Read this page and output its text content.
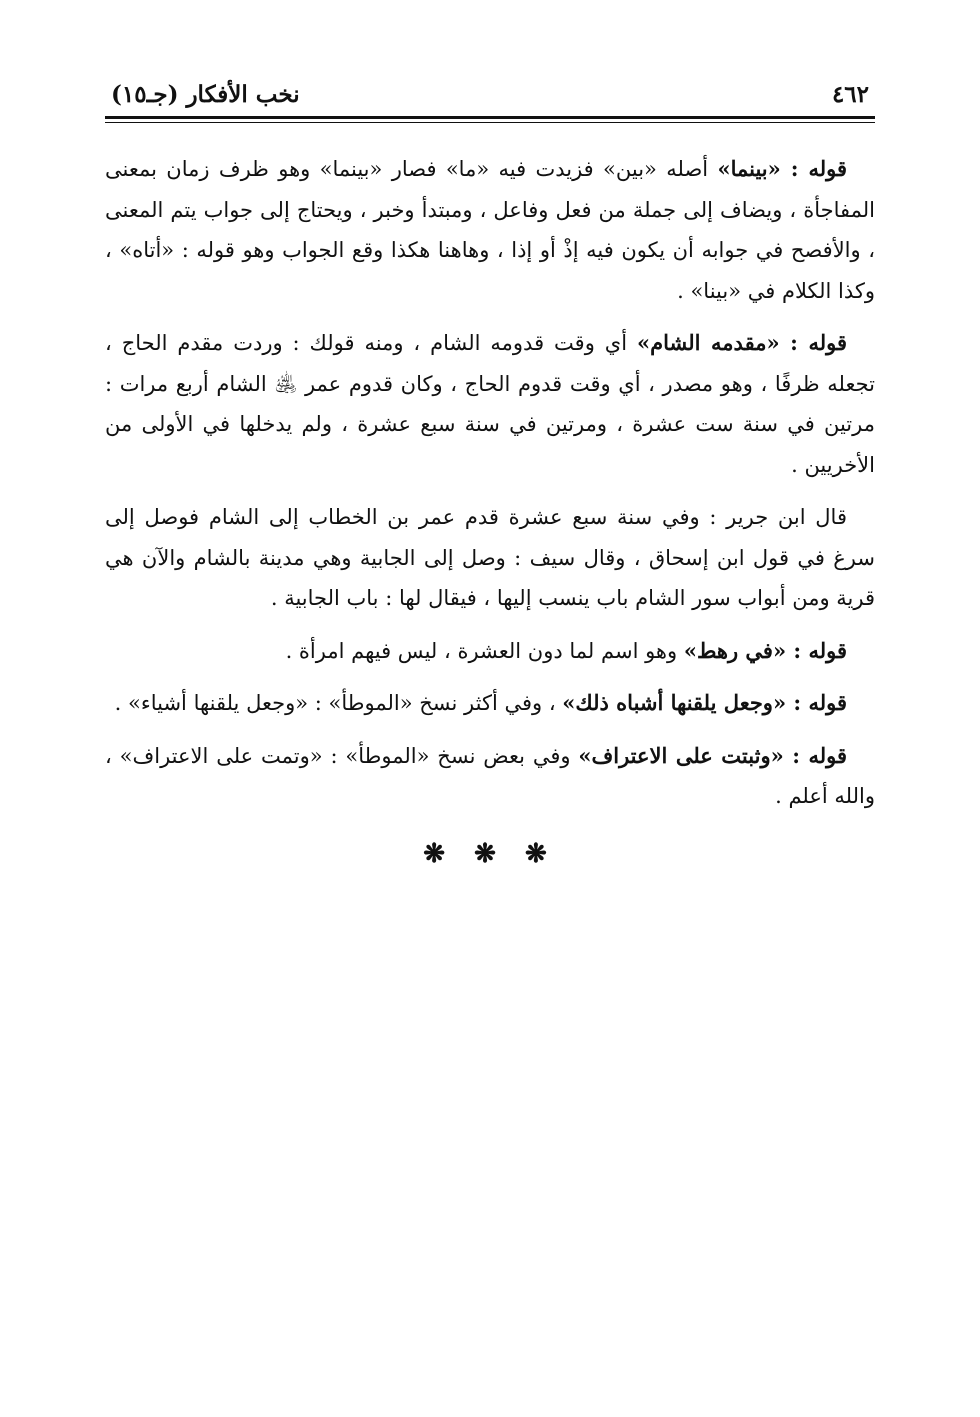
٤٦٢
نخب الأفكار (جـ١٥)

قوله : «بينما» أصله «بين» فزيدت فيه «ما» فصار «بينما» وهو ظرف زمان بمعنى المفاجأة ، ويضاف إلى جملة من فعل وفاعل ، ومبتدأ وخبر ، ويحتاج إلى جواب يتم المعنى ، والأفصح في جوابه أن يكون فيه إذْ أو إذا ، وهاهنا هكذا وقع الجواب وهو قوله : «أتاه» ، وكذا الكلام في «بينا» .

قوله : «مقدمه الشام» أي وقت قدومه الشام ، ومنه قولك : وردت مقدم الحاج ، تجعله ظرفًا ، وهو مصدر ، أي وقت قدوم الحاج ، وكان قدوم عمر ﵁ الشام أربع مرات : مرتين في سنة ست عشرة ، ومرتين في سنة سبع عشرة ، ولم يدخلها في الأولى من الأخريين .

قال ابن جرير : وفي سنة سبع عشرة قدم عمر بن الخطاب إلى الشام فوصل إلى سرغ في قول ابن إسحاق ، وقال سيف : وصل إلى الجابية وهي مدينة بالشام والآن هي قرية ومن أبواب سور الشام باب ينسب إليها ، فيقال لها : باب الجابية .

قوله : «في رهط» وهو اسم لما دون العشرة ، ليس فيهم امرأة .

قوله : «وجعل يلقنها أشباه ذلك» ، وفي أكثر نسخ «الموطأ» : «وجعل يلقنها أشياء» .

قوله : «وثبتت على الاعتراف» وفي بعض نسخ «الموطأ» : «وتمت على الاعتراف» ، والله أعلم .

❋ ❋ ❋
